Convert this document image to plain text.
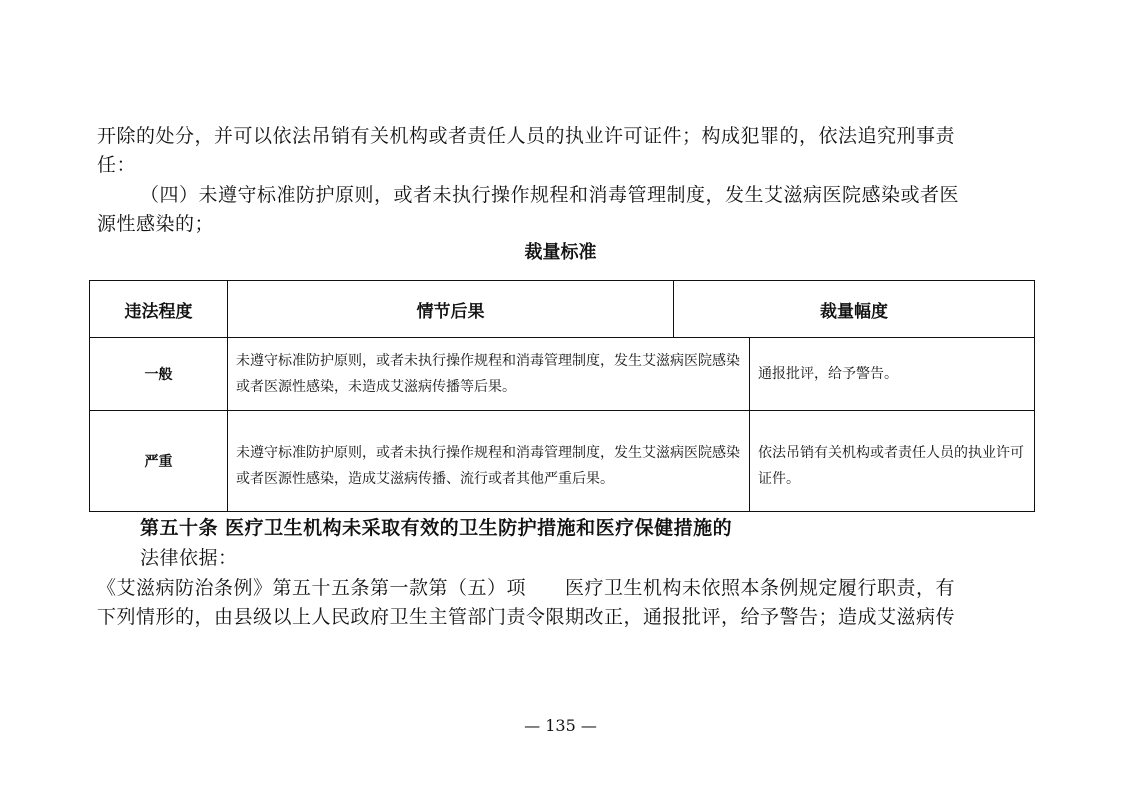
开除的处分，并可以依法吊销有关机构或者责任人员的执业许可证件；构成犯罪的，依法追究刑事责
任：
（四）未遵守标准防护原则，或者未执行操作规程和消毒管理制度，发生艾滋病医院感染或者医
源性感染的；
裁量标准
违法程度	情节后果	裁量幅度	
一般	未遵守标准防护原则，或者未执行操作规程和消毒管理制度，发生艾滋病医院感染或者医源性感染，未造成艾滋病传播等后果。		通报批评，给予警告。
严重	未遵守标准防护原则，或者未执行操作规程和消毒管理制度，发生艾滋病医院感染或者医源性感染，造成艾滋病传播、流行或者其他严重后果。		依法吊销有关机构或者责任人员的执业许可证件。
第五十条 医疗卫生机构未采取有效的卫生防护措施和医疗保健措施的
法律依据：
《艾滋病防治条例》第五十五条第一款第（五）项　　医疗卫生机构未依照本条例规定履行职责，有
下列情形的，由县级以上人民政府卫生主管部门责令限期改正，通报批评，给予警告；造成艾滋病传
— 135 —
